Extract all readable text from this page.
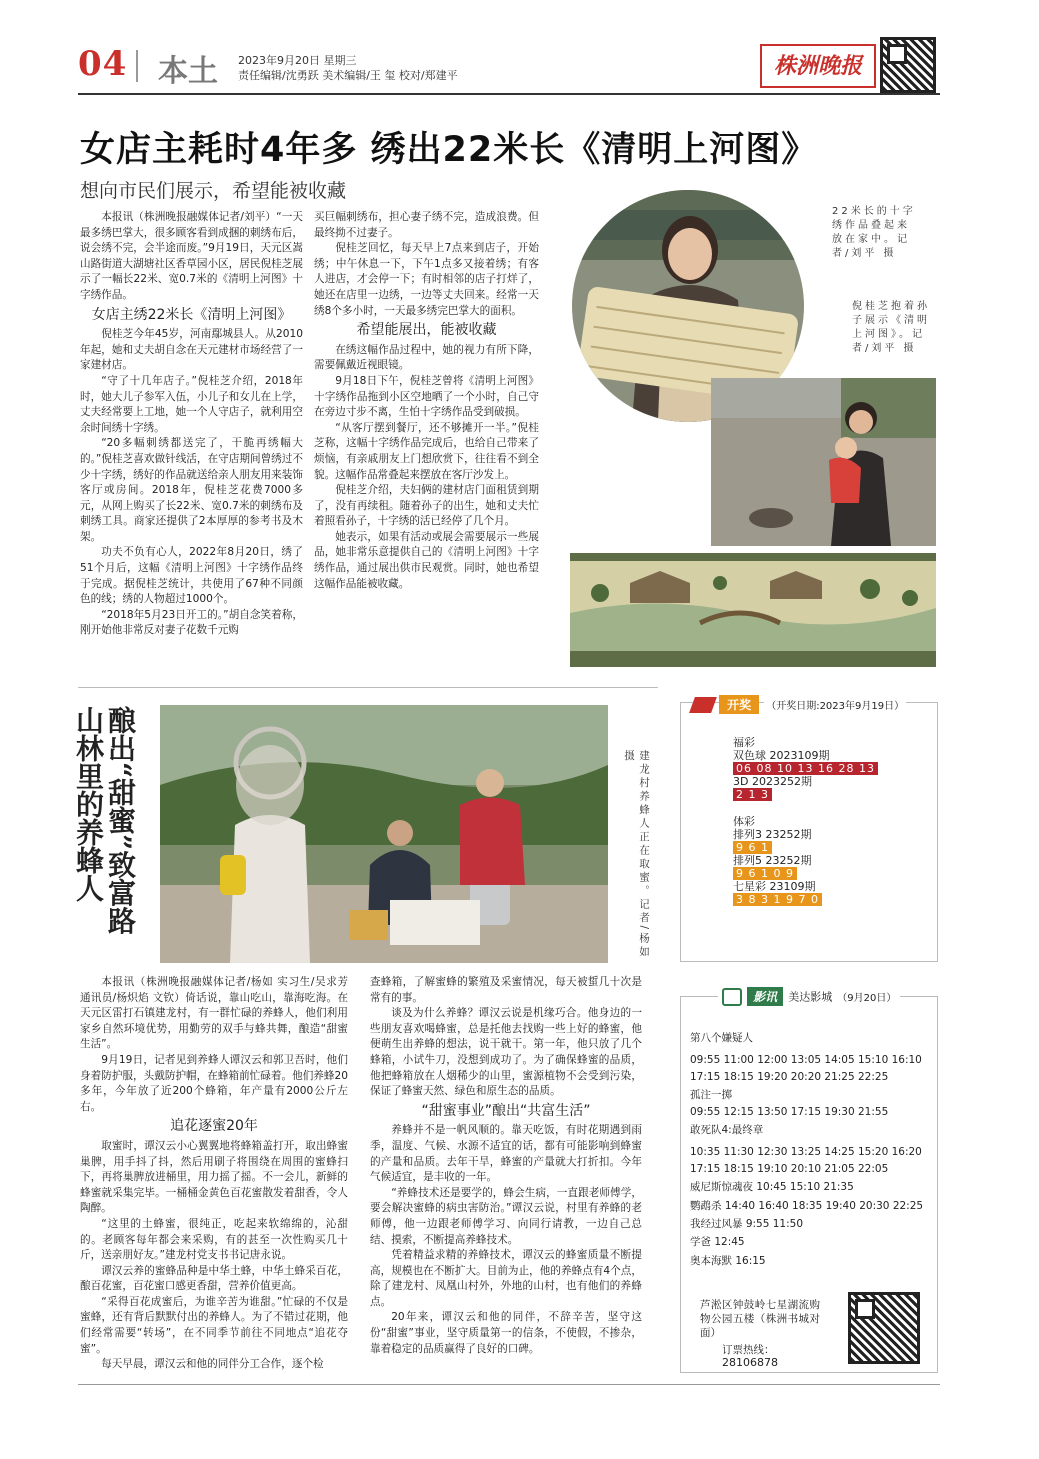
04 本土 2023年9月20日 星期三
责任编辑/沈勇跃 美术编辑/王 玺 校对/郑建平	株洲晚报
女店主耗时4年多 绣出22米长《清明上河图》
想向市民们展示，希望能被收藏

本报讯（株洲晚报融媒体记者/刘平）“一天最多绣巴掌大，很多顾客看到成捆的刺绣布后，说会绣不完，会半途而废。”9月19日，天元区嵩山路街道大湖塘社区香草园小区，居民倪桂芝展示了一幅长22米、宽0.7米的《清明上河图》十字绣作品。

女店主绣22米长《清明上河图》

倪桂芝今年45岁，河南鄢城县人。从2010年起，她和丈夫胡自念在天元建材市场经营了一家建材店。

“守了十几年店子。”倪桂芝介绍，2018年时，她大儿子参军入伍，小儿子和女儿在上学，丈夫经常要上工地，她一个人守店子，就利用空余时间绣十字绣。

“20多幅刺绣都送完了，干脆再绣幅大的。”倪桂芝喜欢做针线活，在守店期间曾绣过不少十字绣，绣好的作品就送给亲人朋友用来装饰客厅或房间。2018年，倪桂芝花费7000多元，从网上购买了长22米、宽0.7米的刺绣布及刺绣工具。商家还提供了2本厚厚的参考书及木架。

功夫不负有心人，2022年8月20日，绣了51个月后，这幅《清明上河图》十字绣作品终于完成。据倪桂芝统计，共使用了67种不同颜色的线；绣的人物超过1000个。

“2018年5月23日开工的。”胡自念笑着称，刚开始他非常反对妻子花数千元购

买巨幅刺绣布，担心妻子绣不完，造成浪费。但最终拗不过妻子。

倪桂芝回忆，每天早上7点来到店子，开始绣；中午休息一下，下午1点多又接着绣；有客人进店，才会停一下；有时相邻的店子打烊了，她还在店里一边绣，一边等丈夫回来。经常一天绣8个多小时，一天最多绣完巴掌大的面积。

希望能展出，能被收藏

在绣这幅作品过程中，她的视力有所下降，需要佩戴近视眼镜。

9月18日下午，倪桂芝曾将《清明上河图》十字绣作品拖到小区空地晒了一个小时，自己守在旁边寸步不离，生怕十字绣作品受到破损。

“从客厅摆到餐厅，还不够摊开一半。”倪桂芝称，这幅十字绣作品完成后，也给自己带来了烦恼，有亲戚朋友上门想欣赏下，往往看不到全貌。这幅作品常叠起来摆放在客厅沙发上。

倪桂芝介绍，夫妇俩的建材店门面租赁到期了，没有再续租。随着孙子的出生，她和丈夫忙着照看孙子，十字绣的活已经停了几个月。

她表示，如果有活动或展会需要展示一些展品，她非常乐意提供自己的《清明上河图》十字绣作品，通过展出供市民观赏。同时，她也希望这幅作品能被收藏。

22米长的十字绣作品叠起来放在家中。记者/刘平 摄
倪桂芝抱着孙子展示《清明上河图》。记者/刘平 摄
酿出“甜蜜”致富路
山林里的养蜂人	建龙村养蜂人正在取蜜。记者/杨如 摄

本报讯（株洲晚报融媒体记者/杨如 实习生/吴求芳 通讯员/杨炽焰 文钦）倚话说，靠山吃山，靠海吃海。在天元区雷打石镇建龙村，有一群忙碌的养蜂人，他们利用家乡自然环境优势，用勤劳的双手与蜂共舞，酿造“甜蜜生活”。

9月19日，记者见到养蜂人谭汉云和郭卫吾时，他们身着防护服，头戴防护帽，在蜂箱前忙碌着。他们养蜂20多年，今年放了近200个蜂箱，年产量有2000公斤左右。

追花逐蜜20年

取蜜时，谭汉云小心翼翼地将蜂箱盖打开，取出蜂蜜巢脾，用手抖了抖，然后用刷子将围绕在周围的蜜蜂扫下，再将巢脾放进桶里，用力摇了摇。不一会儿，新鲜的蜂蜜就采集完毕。一桶桶金黄色百花蜜散发着甜香，令人陶醉。

“这里的土蜂蜜，很纯正，吃起来软绵绵的，沁甜的。老顾客每年都会来采购，有的甚至一次性购买几十斤，送亲朋好友。”建龙村党支书书记唐永说。

谭汉云养的蜜蜂品种是中华土蜂，中华土蜂采百花，酿百花蜜，百花蜜口感更香甜，营养价值更高。

“采得百花成蜜后，为谁辛苦为谁甜。”忙碌的不仅是蜜蜂，还有背后默默付出的养蜂人。为了不错过花期，他们经常需要“转场”，在不同季节前往不同地点“追花夺蜜”。

每天早晨，谭汉云和他的同伴分工合作，逐个检

查蜂箱，了解蜜蜂的繁殖及采蜜情况，每天被蜇几十次是常有的事。

谈及为什么养蜂？谭汉云说是机缘巧合。他身边的一些朋友喜欢喝蜂蜜，总是托他去找购一些上好的蜂蜜，他便萌生出养蜂的想法，说干就干。第一年，他只放了几个蜂箱，小试牛刀，没想到成功了。为了确保蜂蜜的品质，他把蜂箱放在人烟稀少的山里，蜜源植物不会受到污染，保证了蜂蜜天然、绿色和原生态的品质。

“甜蜜事业”酿出“共富生活”

养蜂并不是一帆风顺的。靠天吃饭，有时花期遇到雨季，温度、气候、水源不适宜的话，都有可能影响到蜂蜜的产量和品质。去年干旱，蜂蜜的产量就大打折扣。今年气候适宜，是丰收的一年。

“养蜂技术还是要学的，蜂会生病，一直跟老师傅学，要会解决蜜蜂的病虫害防治。”谭汉云说，村里有养蜂的老师傅，他一边跟老师傅学习、向同行请教，一边自己总结、摸索，不断提高养蜂技术。

凭着精益求精的养蜂技术，谭汉云的蜂蜜质量不断提高，规模也在不断扩大。目前为止，他的养蜂点有4个点，除了建龙村、凤凰山村外，外地的山村，也有他们的养蜂点。

20年来，谭汉云和他的同伴，不辞辛苦，坚守这份“甜蜜”事业，坚守质量第一的信条，不使假，不掺杂，靠着稳定的品质赢得了良好的口碑。

开奖 （开奖日期:2023年9月19日）
福彩
双色球 2023109期
06 08 10 13 16 28 13
3D 2023252期
2 1 3
体彩
排列3 23252期
9 6 1
排列5 23252期
9 6 1 0 9
七星彩 23109期
3 8 3 1 9 7 0
影讯 美达影城 （9月20日）
第八个嫌疑人
09:55 11:00 12:00 13:05 14:05 15:10 16:10
17:15 18:15 19:20 20:20 21:25 22:25
孤注一掷
09:55 12:15 13:50 17:15 19:30 21:55
敢死队4:最终章
10:35 11:30 12:30 13:25 14:25 15:20 16:20
17:15 18:15 19:10 20:10 21:05 22:05
威尼斯惊魂夜 10:45 15:10 21:35
鹦鹉杀 14:40 16:40 18:35 19:40 20:30 22:25
我经过风暴 9:55 11:50
学爸 12:45
奥本海默 16:15
芦淞区钟鼓岭七星湖流购物公园五楼（株洲书城对面）
订票热线：
28106878
